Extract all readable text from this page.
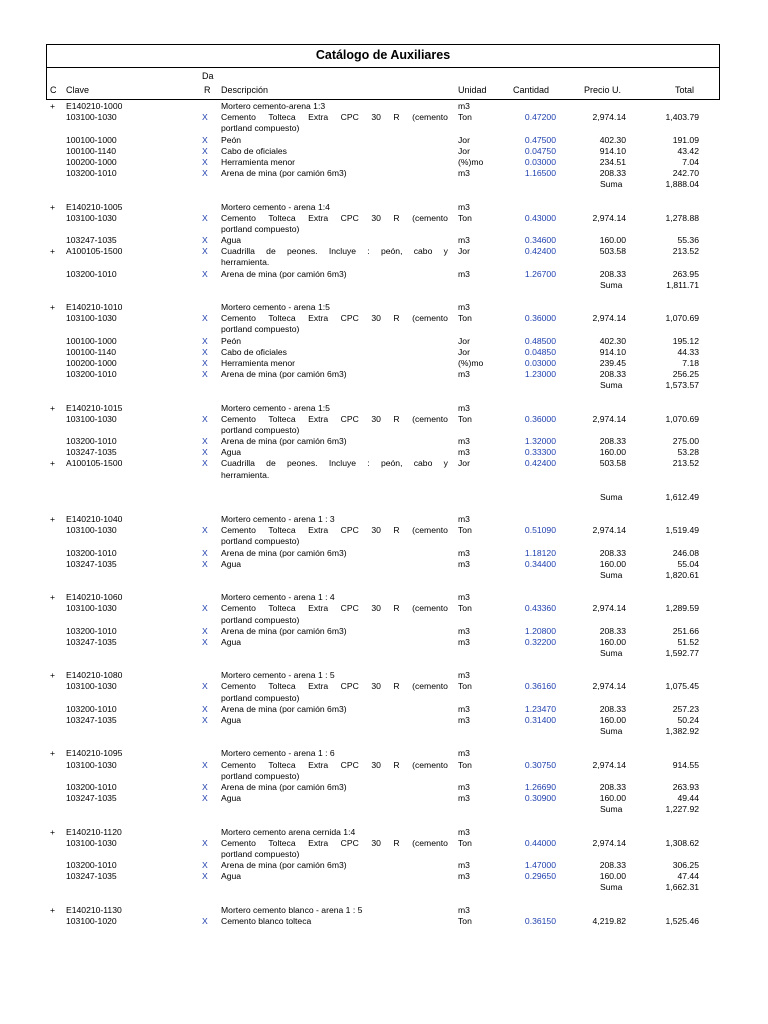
Catálogo de Auxiliares
C Clave
Da
R Descripción	Unidad	Cantidad	Precio U.	Total
+ E140210-1000	Mortero cemento-arena 1:3	m3
103100-1030	X Cemento Tolteca Extra CPC 30 R (cemento Ton	0.47200	2,974.14	1,403.79
portland compuesto)
100100-1000	X Peón	Jor	0.47500	402.30	191.09
100100-1140	X Cabo de oficiales	Jor	0.04750	914.10	43.42
100200-1000	X Herramienta menor	(%)mo	0.03000	234.51	7.04
103200-1010	X Arena de mina (por camión 6m3)	m3	1.16500	208.33	242.70
Suma	1,888.04
+ E140210-1005	Mortero cemento - arena 1:4	m3
103100-1030	X Cemento Tolteca Extra CPC 30 R (cemento Ton	0.43000	2,974.14	1,278.88
portland compuesto)
103247-1035	X Agua	m3	0.34600	160.00	55.36
+ A100105-1500	X Cuadrilla de peones. Incluye : peón, cabo y Jor	0.42400	503.58	213.52
herramienta.
103200-1010	X Arena de mina (por camión 6m3)	m3	1.26700	208.33	263.95
Suma	1,811.71
+ E140210-1010	Mortero cemento - arena 1:5	m3
103100-1030	X Cemento Tolteca Extra CPC 30 R (cemento Ton	0.36000	2,974.14	1,070.69
portland compuesto)
100100-1000	X Peón	Jor	0.48500	402.30	195.12
100100-1140	X Cabo de oficiales	Jor	0.04850	914.10	44.33
100200-1000	X Herramienta menor	(%)mo	0.03000	239.45	7.18
103200-1010	X Arena de mina (por camión 6m3)	m3	1.23000	208.33	256.25
Suma	1,573.57
+ E140210-1015	Mortero cemento - arena 1:5	m3
103100-1030	X Cemento Tolteca Extra CPC 30 R (cemento Ton	0.36000	2,974.14	1,070.69
portland compuesto)
103200-1010	X Arena de mina (por camión 6m3)	m3	1.32000	208.33	275.00
103247-1035	X Agua	m3	0.33300	160.00	53.28
+ A100105-1500	X Cuadrilla de peones. Incluye : peón, cabo y Jor	0.42400	503.58	213.52
herramienta.
Suma	1,612.49
+ E140210-1040	Mortero cemento - arena 1 : 3	m3
103100-1030	X Cemento Tolteca Extra CPC 30 R (cemento Ton	0.51090	2,974.14	1,519.49
portland compuesto)
103200-1010	X Arena de mina (por camión 6m3)	m3	1.18120	208.33	246.08
103247-1035	X Agua	m3	0.34400	160.00	55.04
Suma	1,820.61
+ E140210-1060	Mortero cemento - arena 1 : 4	m3
103100-1030	X Cemento Tolteca Extra CPC 30 R (cemento Ton	0.43360	2,974.14	1,289.59
portland compuesto)
103200-1010	X Arena de mina (por camión 6m3)	m3	1.20800	208.33	251.66
103247-1035	X Agua	m3	0.32200	160.00	51.52
Suma	1,592.77
+ E140210-1080	Mortero cemento - arena 1 : 5	m3
103100-1030	X Cemento Tolteca Extra CPC 30 R (cemento Ton	0.36160	2,974.14	1,075.45
portland compuesto)
103200-1010	X Arena de mina (por camión 6m3)	m3	1.23470	208.33	257.23
103247-1035	X Agua	m3	0.31400	160.00	50.24
Suma	1,382.92
+ E140210-1095	Mortero cemento - arena 1 : 6	m3
103100-1030	X Cemento Tolteca Extra CPC 30 R (cemento Ton	0.30750	2,974.14	914.55
portland compuesto)
103200-1010	X Arena de mina (por camión 6m3)	m3	1.26690	208.33	263.93
103247-1035	X Agua	m3	0.30900	160.00	49.44
Suma	1,227.92
+ E140210-1120	Mortero cemento arena cernida 1:4	m3
103100-1030	X Cemento Tolteca Extra CPC 30 R (cemento Ton	0.44000	2,974.14	1,308.62
portland compuesto)
103200-1010	X Arena de mina (por camión 6m3)	m3	1.47000	208.33	306.25
103247-1035	X Agua	m3	0.29650	160.00	47.44
Suma	1,662.31
+ E140210-1130	Mortero cemento blanco - arena 1 : 5	m3
103100-1020	X Cemento blanco tolteca	Ton	0.36150	4,219.82	1,525.46
